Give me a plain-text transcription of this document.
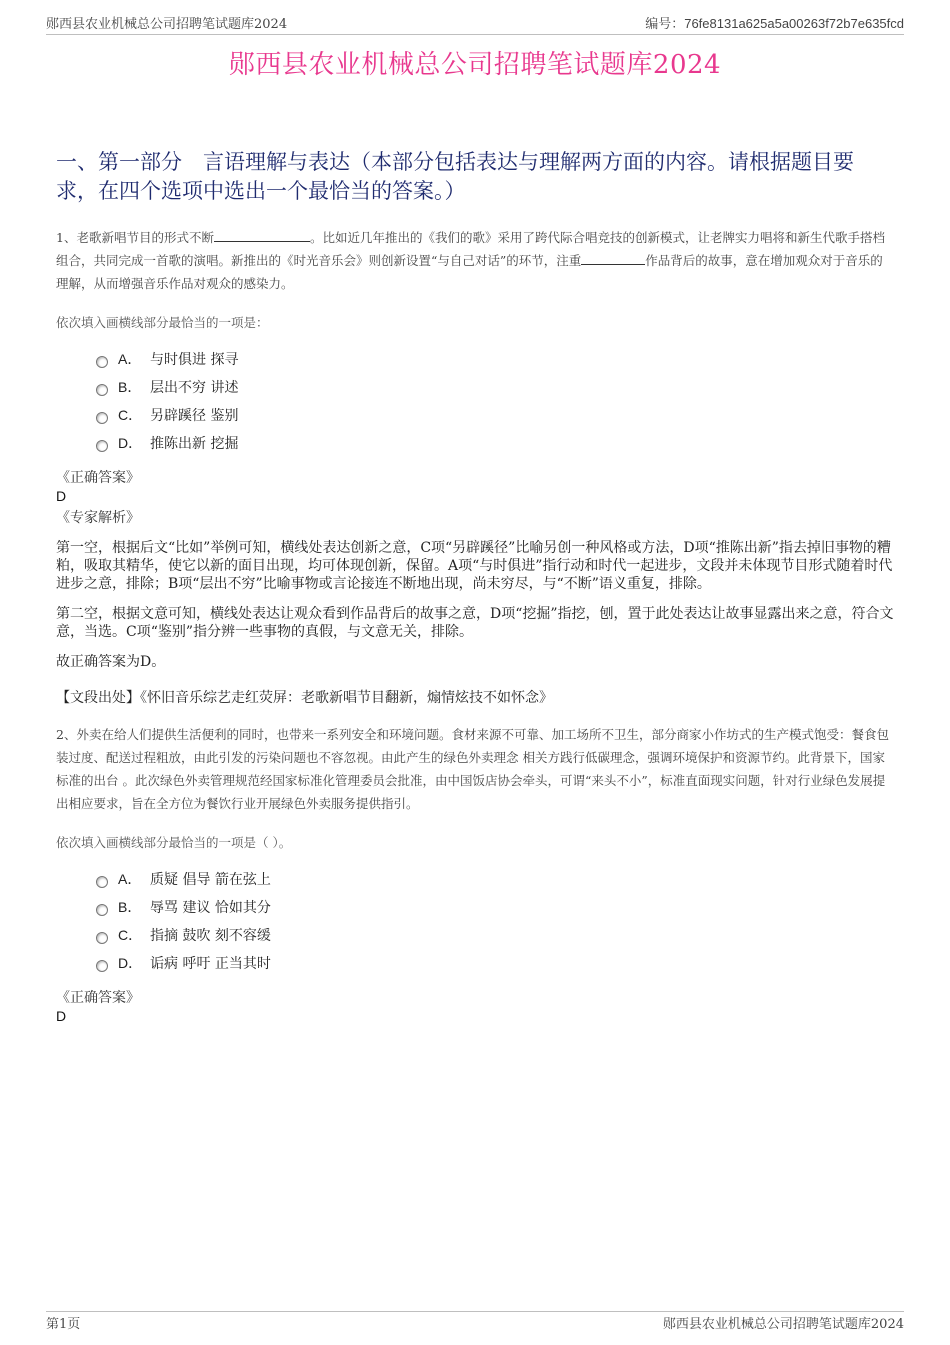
郧西县农业机械总公司招聘笔试题库2024	编号：76fe8131a625a5a00263f72b7e635fcd
郧西县农业机械总公司招聘笔试题库2024
一、第一部分　言语理解与表达（本部分包括表达与理解两方面的内容。请根据题目要求，在四个选项中选出一个最恰当的答案。）

1、老歌新唱节目的形式不断	。比如近几年推出的《我们的歌》采用了跨代际合唱竞技的创新模式，让老牌实力唱将和新生代歌手搭档组合，共同完成一首歌的演唱。新推出的《时光音乐会》则创新设置“与自己对话”的环节，注重	作品背后的故事，意在增加观众对于音乐的理解，从而增强音乐作品对观众的感染力。

依次填入画横线部分最恰当的一项是：
A． 与时俱进 探寻
B． 层出不穷 讲述
C． 另辟蹊径 鉴别
D． 推陈出新 挖掘
《正确答案》
D
《专家解析》

第一空，根据后文“比如”举例可知，横线处表达创新之意，C项“另辟蹊径”比喻另创一种风格或方法，D项“推陈出新”指去掉旧事物的糟粕，吸取其精华，使它以新的面目出现，均可体现创新，保留。A项“与时俱进”指行动和时代一起进步，文段并未体现节目形式随着时代进步之意，排除；B项“层出不穷”比喻事物或言论接连不断地出现，尚未穷尽，与“不断”语义重复，排除。

第二空，根据文意可知，横线处表达让观众看到作品背后的故事之意，D项“挖掘”指挖，刨，置于此处表达让故事显露出来之意，符合文意，当选。C项“鉴别”指分辨一些事物的真假，与文意无关，排除。

故正确答案为D。

【文段出处】《怀旧音乐综艺走红荧屏：老歌新唱节目翻新，煽情炫技不如怀念》

2、外卖在给人们提供生活便利的同时，也带来一系列安全和环境问题。食材来源不可靠、加工场所不卫生，部分商家小作坊式的生产模式饱受：餐食包装过度、配送过程粗放，由此引发的污染问题也不容忽视。由此产生的绿色外卖理念 相关方践行低碳理念，强调环境保护和资源节约。此背景下，国家标准的出台 。此次绿色外卖管理规范经国家标准化管理委员会批准，由中国饭店协会牵头，可谓“来头不小”，标准直面现实问题，针对行业绿色发展提出相应要求，旨在全方位为餐饮行业开展绿色外卖服务提供指引。

依次填入画横线部分最恰当的一项是（ ）。
A． 质疑 倡导 箭在弦上
B． 辱骂 建议 恰如其分
C． 指摘 鼓吹 刻不容缓
D． 诟病 呼吁 正当其时
《正确答案》
D
第1页	郧西县农业机械总公司招聘笔试题库2024
